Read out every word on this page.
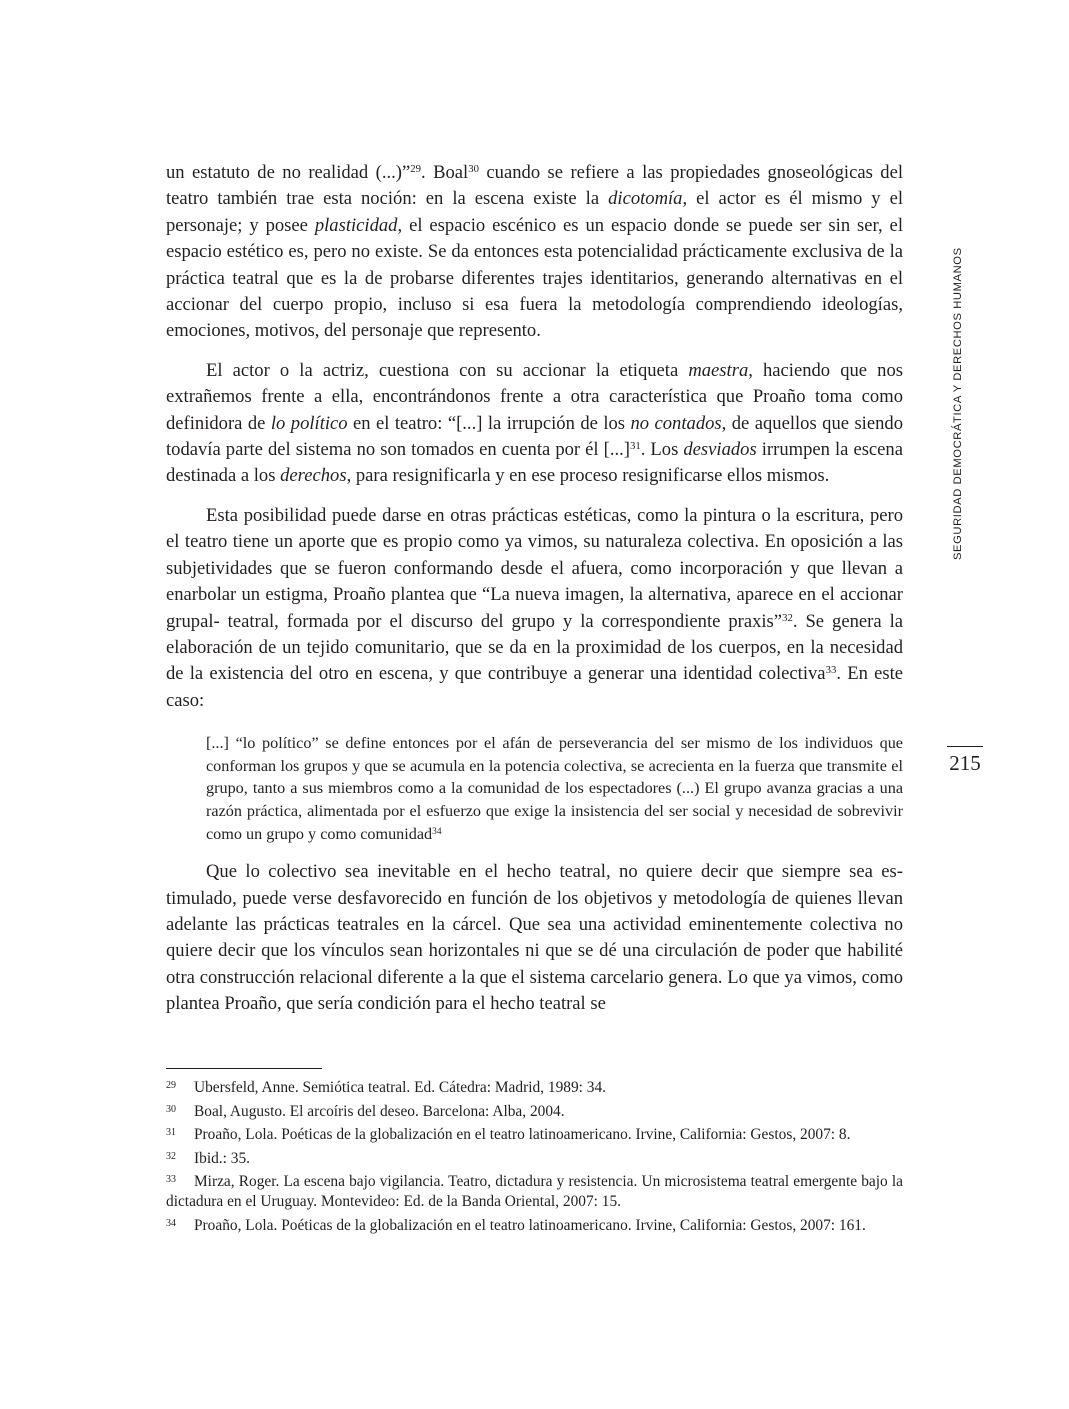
un estatuto de no realidad (...)”$^{29}$. Boal$^{30}$ cuando se refiere a las propiedades gnoseológicas del teatro también trae esta noción: en la escena existe la dicotomía, el actor es él mismo y el personaje; y posee plasticidad, el espacio escénico es un espacio donde se puede ser sin ser, el espacio estético es, pero no existe. Se da entonces esta potencialidad prácticamente exclusiva de la práctica teatral que es la de probarse diferentes trajes identitarios, generando alternativas en el accionar del cuerpo propio, incluso si esa fuera la metodología comprendiendo ideologías, emociones, motivos, del personaje que represento.

El actor o la actriz, cuestiona con su accionar la etiqueta maestra, haciendo que nos extrañemos frente a ella, encontrándonos frente a otra característica que Proaño toma como definidora de lo político en el teatro: “[...] la irrupción de los no contados, de aquellos que siendo todavía parte del sistema no son tomados en cuenta por él [...]$^{31}$. Los desviados irrumpen la escena destinada a los derechos, para resignificarla y en ese proceso resignificarse ellos mismos.

Esta posibilidad puede darse en otras prácticas estéticas, como la pintura o la escritura, pero el teatro tiene un aporte que es propio como ya vimos, su naturaleza colectiva. En oposición a las subjetividades que se fueron conformando desde el afuera, como incorporación y que llevan a enarbolar un estigma, Proaño plantea que “La nueva imagen, la alternativa, aparece en el accionar grupal- teatral, formada por el discurso del grupo y la correspondiente praxis”$^{32}$. Se genera la elaboración de un tejido comunitario, que se da en la proximidad de los cuerpos, en la necesidad de la existencia del otro en escena, y que contribuye a generar una identidad colectiva$^{33}$. En este caso:

[...] “lo político” se define entonces por el afán de perseverancia del ser mismo de los individuos que conforman los grupos y que se acumula en la potencia colectiva, se acrecienta en la fuerza que transmite el grupo, tanto a sus miembros como a la comunidad de los espectadores (...) El grupo avanza gracias a una razón práctica, alimentada por el esfuerzo que exige la insistencia del ser social y necesidad de sobrevivir como un grupo y como comunidad$^{34}$

Que lo colectivo sea inevitable en el hecho teatral, no quiere decir que siempre sea estimulado, puede verse desfavorecido en función de los objetivos y metodología de quienes llevan adelante las prácticas teatrales en la cárcel. Que sea una actividad eminentemente colectiva no quiere decir que los vínculos sean horizontales ni que se dé una circulación de poder que habilité otra construcción relacional diferente a la que el sistema carcelario genera. Lo que ya vimos, como plantea Proaño, que sería condición para el hecho teatral se

29 Ubersfeld, Anne. Semiótica teatral. Ed. Cátedra: Madrid, 1989: 34.

30 Boal, Augusto. El arcoíris del deseo. Barcelona: Alba, 2004.

31 Proaño, Lola. Poéticas de la globalización en el teatro latinoamericano. Irvine, California: Gestos, 2007: 8.

32 Ibid.: 35.

33 Mirza, Roger. La escena bajo vigilancia. Teatro, dictadura y resistencia. Un microsistema teatral emergente bajo la dictadura en el Uruguay. Montevideo: Ed. de la Banda Oriental, 2007: 15.

34 Proaño, Lola. Poéticas de la globalización en el teatro latinoamericano. Irvine, California: Gestos, 2007: 161.

SEGURIDAD DEMOCRÁTICA Y DERECHOS HUMANOS
215
